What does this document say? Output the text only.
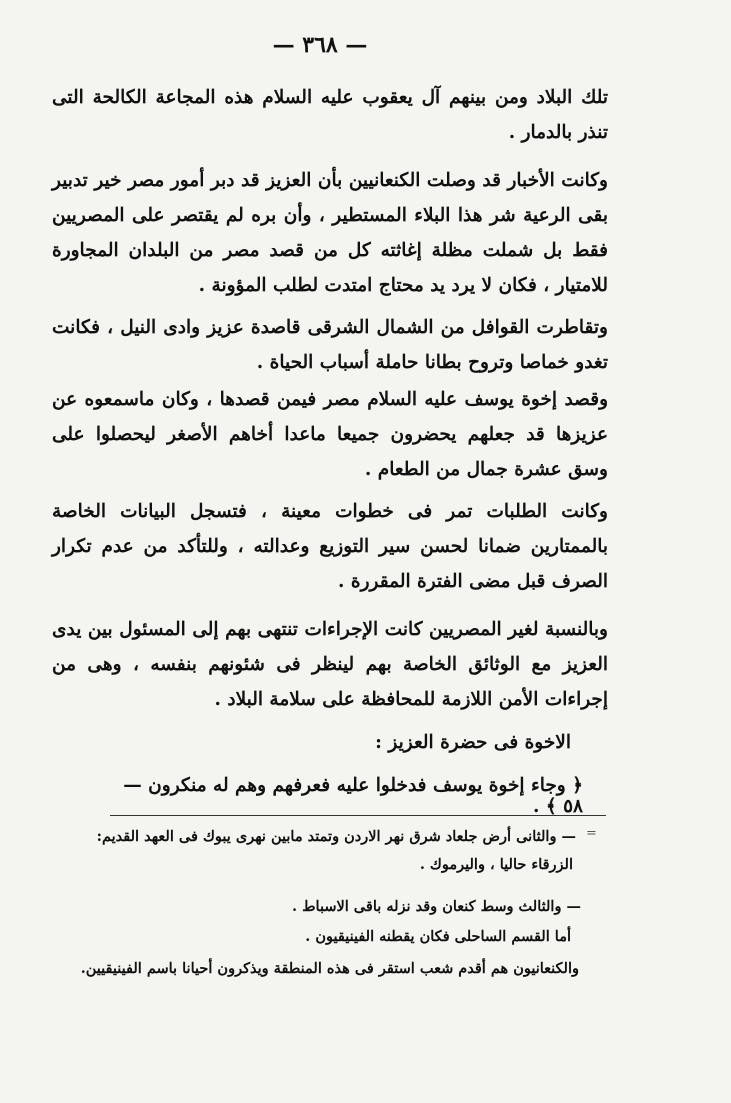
— ٣٦٨ —

تلك البلاد ومن بينهم آل يعقوب عليه السلام هذه المجاعة الكالحة التى تنذر بالدمار .

وكانت الأخبار قد وصلت الكنعانيين بأن العزيز قد دبر أمور مصر خير تدبير بقى الرعية شر هذا البلاء المستطير ، وأن بره لم يقتصر على المصريين فقط بل شملت مظلة إغاثته كل من قصد مصر من البلدان المجاورة للامتيار ، فكان لا يرد يد محتاج امتدت لطلب المؤونة .

وتقاطرت القوافل من الشمال الشرقى قاصدة عزيز وادى النيل ، فكانت تغدو خماصا وتروح بطانا حاملة أسباب الحياة .

وقصد إخوة يوسف عليه السلام مصر فيمن قصدها ، وكان ماسمعوه عن عزيزها قد جعلهم يحضرون جميعا ماعدا أخاهم الأصغر ليحصلوا على وسق عشرة جمال من الطعام .

وكانت الطلبات تمر فى خطوات معينة ، فتسجل البيانات الخاصة بالممتارين ضمانا لحسن سير التوزيع وعدالته ، وللتأكد من عدم تكرار الصرف قبل مضى الفترة المقررة .

وبالنسبة لغير المصريين كانت الإجراءات تنتهى بهم إلى المسئول بين يدى العزيز مع الوثائق الخاصة بهم لينظر فى شئونهم بنفسه ، وهى من إجراءات الأمن اللازمة للمحافظة على سلامة البلاد .

الاخوة فى حضرة العزيز :

﴿ وجاء إخوة يوسف فدخلوا عليه فعرفهم وهم له منكرون — ٥٨ ﴾ .

=

— والثانى أرض جلعاد شرق نهر الاردن وتمتد مابين نهرى يبوك فى العهد القديم:

الزرقاء حاليا ، واليرموك .

— والثالث وسط كنعان وقد نزله باقى الاسباط .

أما القسم الساحلى فكان يقطنه الفينيقيون .

والكنعانيون هم أقدم شعب استقر فى هذه المنطقة ويذكرون أحيانا باسم الفينيقيين.
